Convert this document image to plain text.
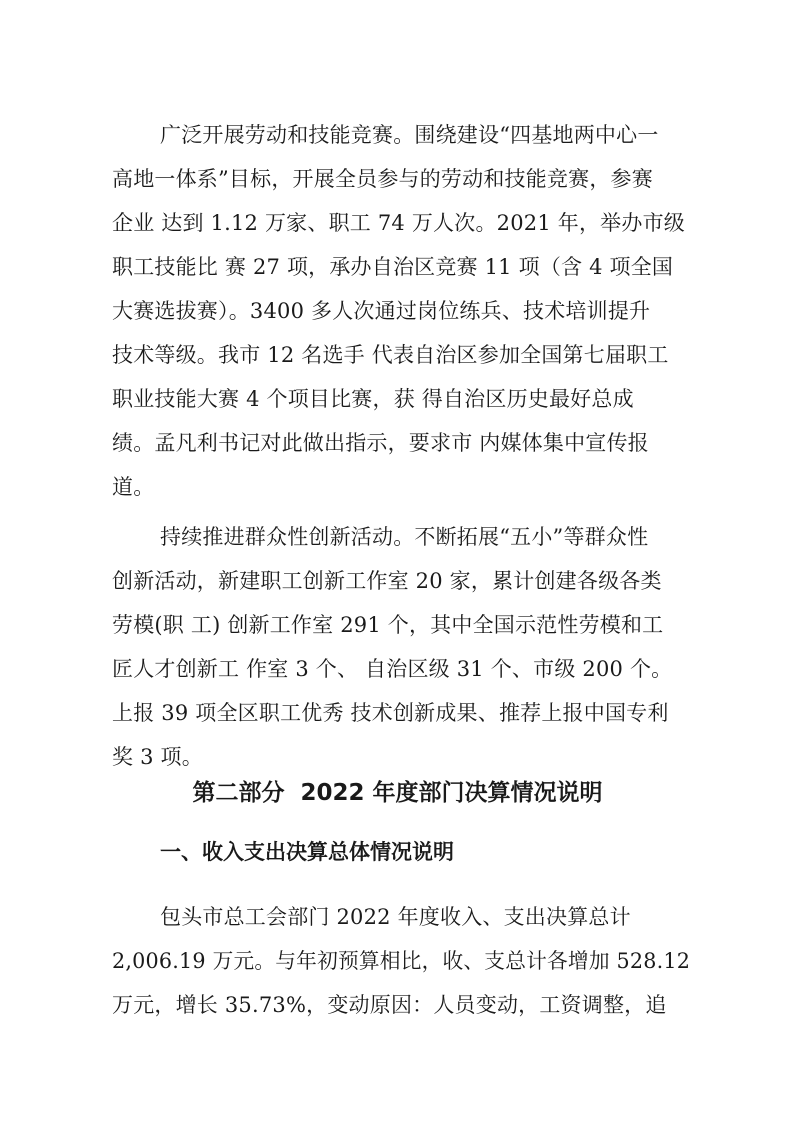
广泛开展劳动和技能竞赛。围绕建设“四基地两中心一
高地一体系”目标，开展全员参与的劳动和技能竞赛，参赛
企业 达到 1.12 万家、职工 74 万人次。2021 年，举办市级
职工技能比 赛 27 项，承办自治区竞赛 11 项（含 4 项全国
大赛选拔赛）。3400 多人次通过岗位练兵、技术培训提升
技术等级。我市 12 名选手 代表自治区参加全国第七届职工
职业技能大赛 4 个项目比赛，获 得自治区历史最好总成
绩。孟凡利书记对此做出指示，要求市 内媒体集中宣传报
道。
持续推进群众性创新活动。不断拓展“五小”等群众性
创新活动，新建职工创新工作室 20 家，累计创建各级各类
劳模(职 工) 创新工作室 291 个，其中全国示范性劳模和工
匠人才创新工 作室 3 个、 自治区级 31 个、市级 200 个。
上报 39 项全区职工优秀 技术创新成果、推荐上报中国专利
奖 3 项。
第二部分  2022 年度部门决算情况说明
一、收入支出决算总体情况说明
包头市总工会部门 2022 年度收入、支出决算总计
2,006.19 万元。与年初预算相比，收、支总计各增加 528.12
万元，增长 35.73%，变动原因：人员变动，工资调整，追
